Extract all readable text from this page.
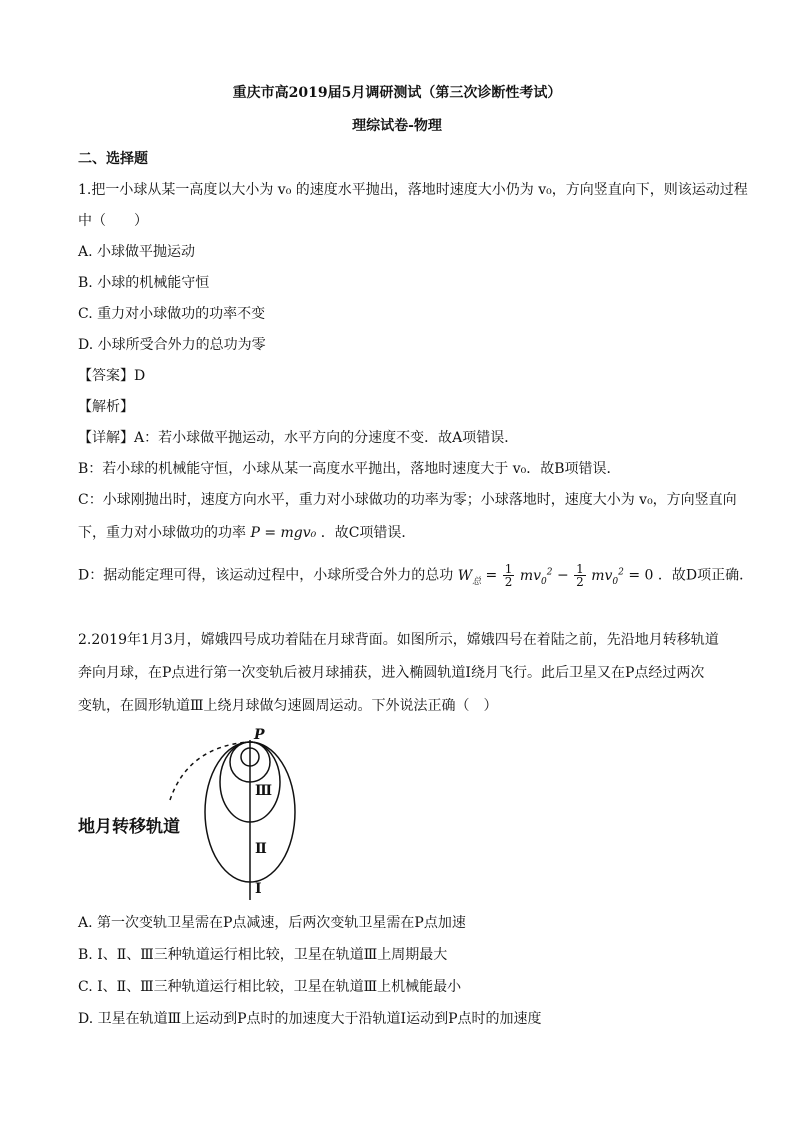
重庆市高2019届5月调研测试（第三次诊断性考试）
理综试卷-物理
二、选择题
1.把一小球从某一高度以大小为 v₀ 的速度水平抛出，落地时速度大小仍为 v₀，方向竖直向下，则该运动过程
中（　　）
A. 小球做平抛运动
B. 小球的机械能守恒
C. 重力对小球做功的功率不变
D. 小球所受合外力的总功为零
【答案】D
【解析】
【详解】A：若小球做平抛运动，水平方向的分速度不变．故A项错误．
B：若小球的机械能守恒，小球从某一高度水平抛出，落地时速度大于 v₀．故B项错误．
C：小球刚抛出时，速度方向水平，重力对小球做功的功率为零；小球落地时，速度大小为 v₀，方向竖直向
下，重力对小球做功的功率 P = mgv₀ ．故C项错误．
D：据动能定理可得，该运动过程中，小球所受合外力的总功 $W_总 = \frac{1}{2} mv_0^2 - \frac{1}{2} mv_0^2 = 0$ ．故D项正确．
2.2019年1月3月，嫦娥四号成功着陆在月球背面。如图所示，嫦娥四号在着陆之前，先沿地月转移轨道
奔向月球，在P点进行第一次变轨后被月球捕获，进入椭圆轨道Ⅰ绕月飞行。此后卫星又在P点经过两次
变轨，在圆形轨道Ⅲ上绕月球做匀速圆周运动。下外说法正确（　）
地月转移轨道
P
Ⅲ
Ⅱ
Ⅰ
A. 第一次变轨卫星需在P点减速，后两次变轨卫星需在P点加速
B. Ⅰ、Ⅱ、Ⅲ三种轨道运行相比较，卫星在轨道Ⅲ上周期最大
C. Ⅰ、Ⅱ、Ⅲ三种轨道运行相比较，卫星在轨道Ⅲ上机械能最小
D. 卫星在轨道Ⅲ上运动到P点时的加速度大于沿轨道Ⅰ运动到P点时的加速度
